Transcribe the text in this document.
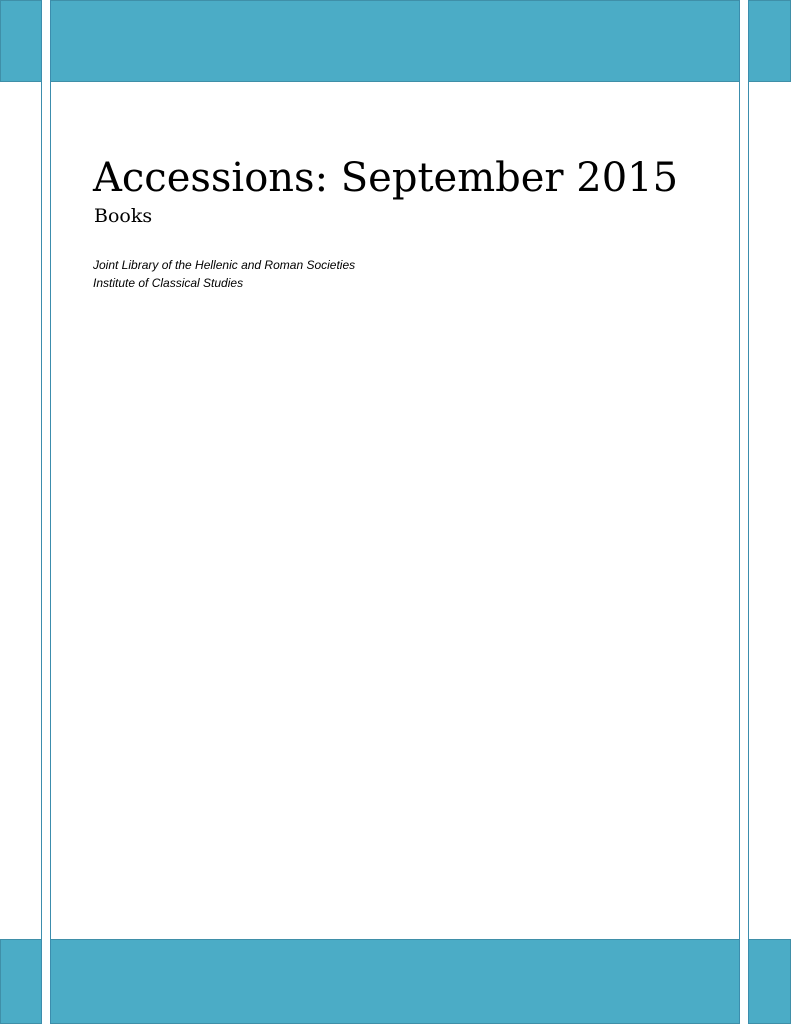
Accessions: September 2015
Books

Joint Library of the Hellenic and Roman Societies

Institute of Classical Studies
